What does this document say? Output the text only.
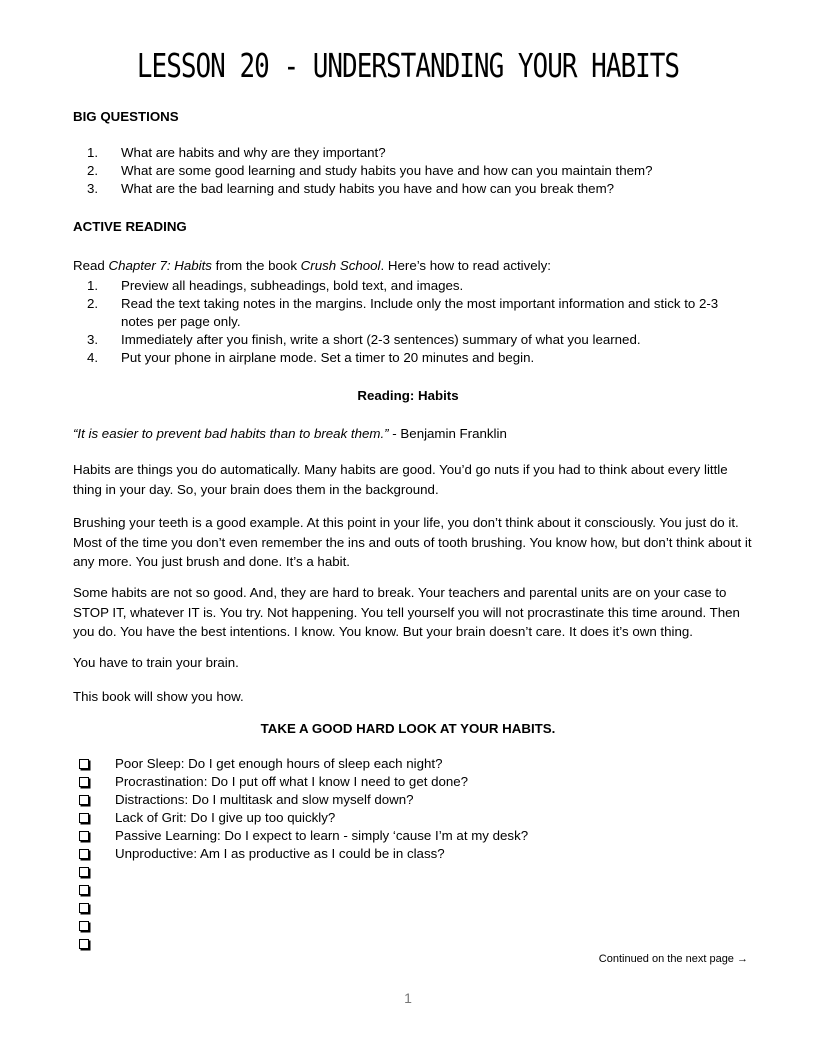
LESSON 20 - UNDERSTANDING YOUR HABITS
BIG QUESTIONS
1. What are habits and why are they important?
2. What are some good learning and study habits you have and how can you maintain them?
3. What are the bad learning and study habits you have and how can you break them?
ACTIVE READING
Read Chapter 7: Habits from the book Crush School. Here’s how to read actively:
1. Preview all headings, subheadings, bold text, and images.
2. Read the text taking notes in the margins. Include only the most important information and stick to 2-3 notes per page only.
3. Immediately after you finish, write a short (2-3 sentences) summary of what you learned.
4. Put your phone in airplane mode. Set a timer to 20 minutes and begin.
Reading: Habits
“It is easier to prevent bad habits than to break them.” - Benjamin Franklin

Habits are things you do automatically. Many habits are good. You’d go nuts if you had to think about every little thing in your day. So, your brain does them in the background.

Brushing your teeth is a good example. At this point in your life, you don’t think about it consciously. You just do it. Most of the time you don’t even remember the ins and outs of tooth brushing. You know how, but don’t think about it any more. You just brush and done. It’s a habit.

Some habits are not so good. And, they are hard to break. Your teachers and parental units are on your case to STOP IT, whatever IT is. You try. Not happening. You tell yourself you will not procrastinate this time around. Then you do. You have the best intentions. I know. You know. But your brain doesn’t care. It does it’s own thing.

You have to train your brain.

This book will show you how.

TAKE A GOOD HARD LOOK AT YOUR HABITS.
Poor Sleep: Do I get enough hours of sleep each night?
Procrastination: Do I put off what I know I need to get done?
Distractions: Do I multitask and slow myself down?
Lack of Grit: Do I give up too quickly?
Passive Learning: Do I expect to learn - simply ‘cause I’m at my desk?
Unproductive: Am I as productive as I could be in class?
Continued on the next page →
1
